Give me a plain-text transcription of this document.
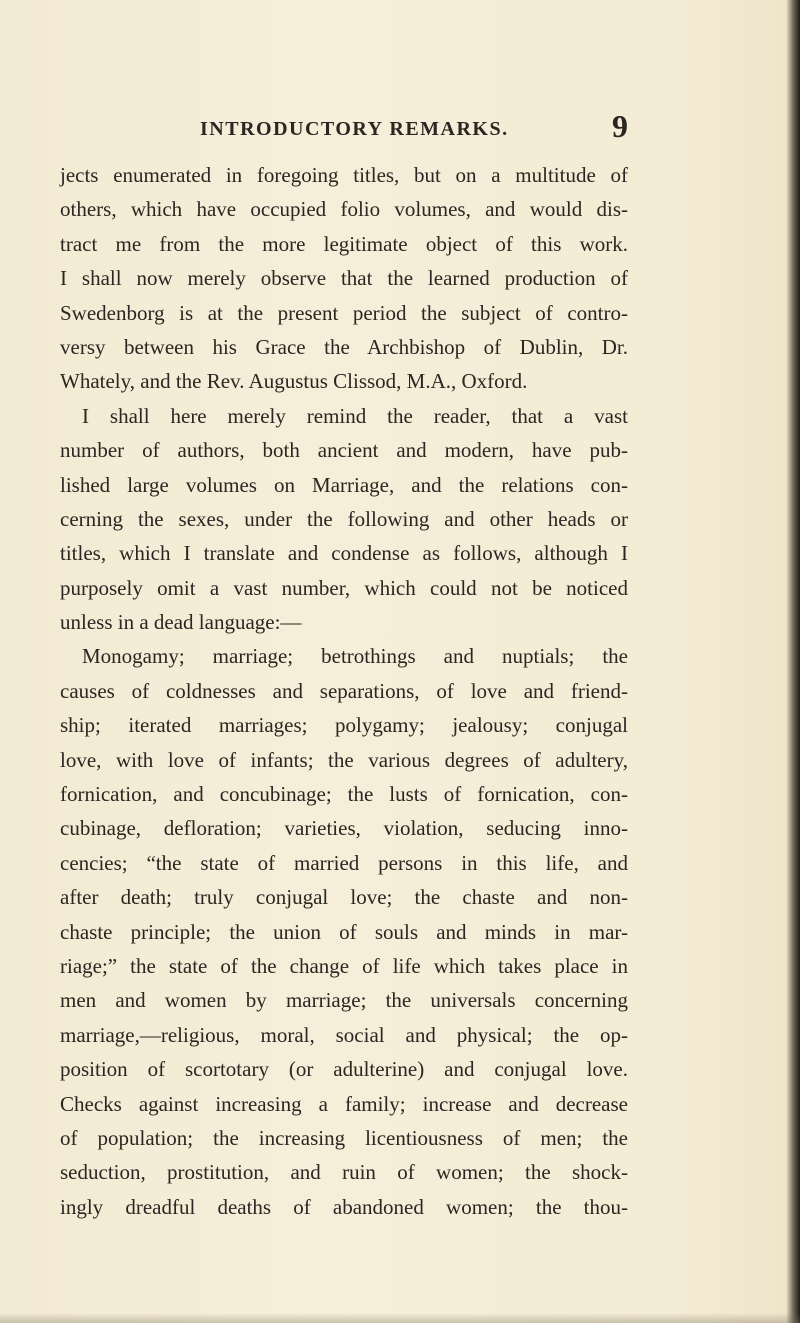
INTRODUCTORY REMARKS.	9
jects enumerated in foregoing titles, but on a multitude of
others, which have occupied folio volumes, and would dis-
tract me from the more legitimate object of this work.
I shall now merely observe that the learned production of
Swedenborg is at the present period the subject of contro-
versy between his Grace the Archbishop of Dublin, Dr.
Whately, and the Rev. Augustus Clissod, M.A., Oxford.
I shall here merely remind the reader, that a vast
number of authors, both ancient and modern, have pub-
lished large volumes on Marriage, and the relations con-
cerning the sexes, under the following and other heads or
titles, which I translate and condense as follows, although I
purposely omit a vast number, which could not be noticed
unless in a dead language:—
Monogamy; marriage; betrothings and nuptials; the
causes of coldnesses and separations, of love and friend-
ship; iterated marriages; polygamy; jealousy; conjugal
love, with love of infants; the various degrees of adultery,
fornication, and concubinage; the lusts of fornication, con-
cubinage, defloration; varieties, violation, seducing inno-
cencies; “the state of married persons in this life, and
after death; truly conjugal love; the chaste and non-
chaste principle; the union of souls and minds in mar-
riage;” the state of the change of life which takes place in
men and women by marriage; the universals concerning
marriage,—religious, moral, social and physical; the op-
position of scortotary (or adulterine) and conjugal love.
Checks against increasing a family; increase and decrease
of population; the increasing licentiousness of men; the
seduction, prostitution, and ruin of women; the shock-
ingly dreadful deaths of abandoned women; the thou-
